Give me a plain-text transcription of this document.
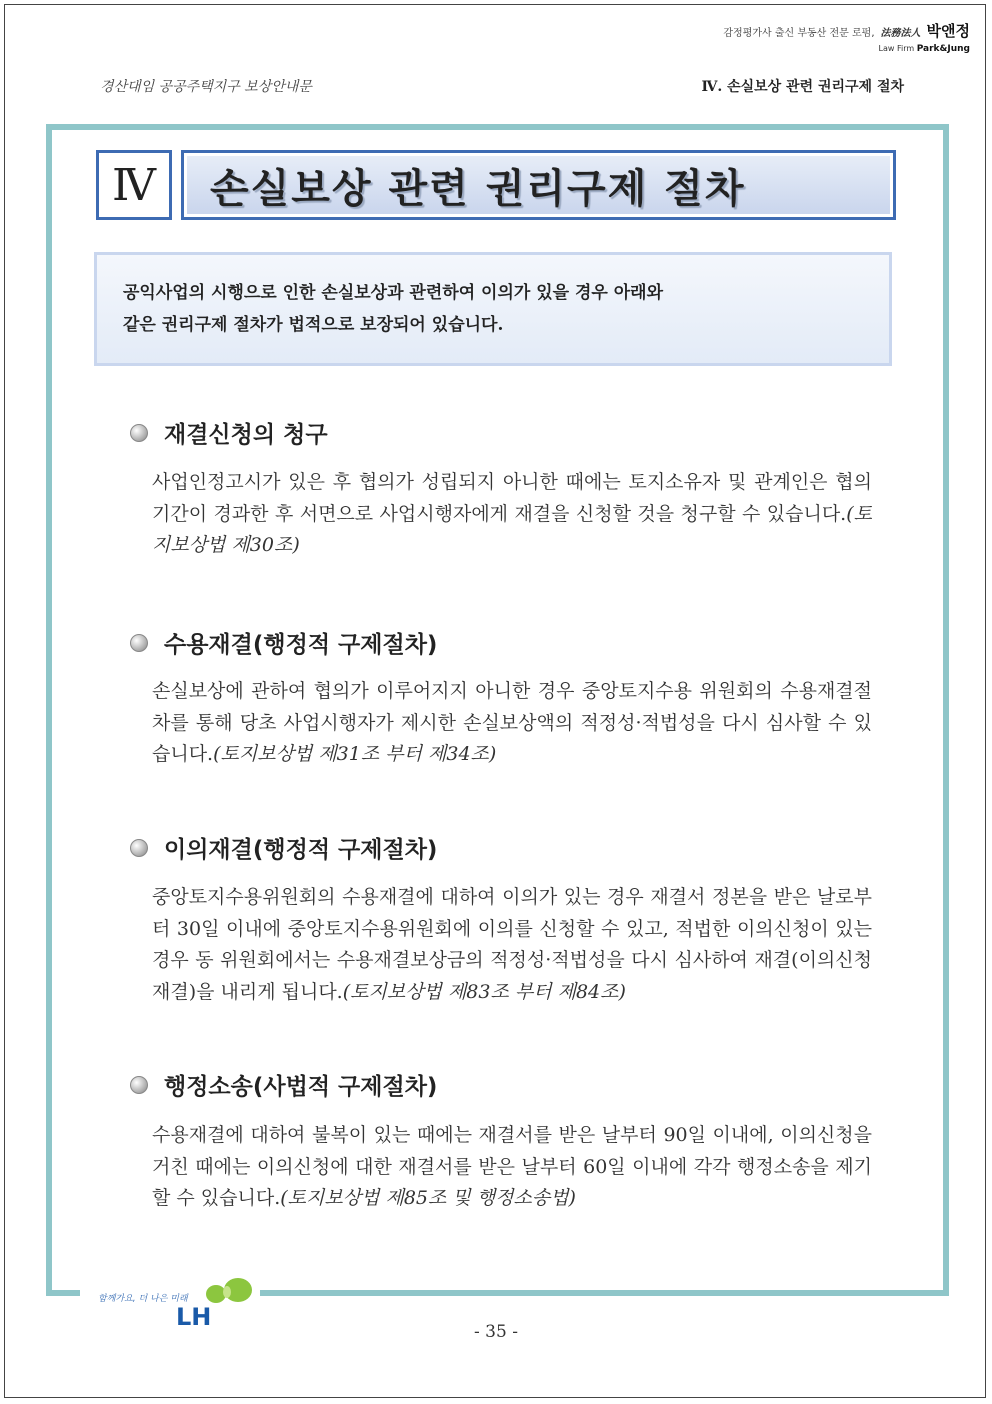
감정평가사 출신 부동산 전문 로펌, 法務法人 박앤정
Law Firm Park&Jung
경산대임 공공주택지구 보상안내문	Ⅳ. 손실보상 관련 권리구제 절차
Ⅳ	손실보상 관련 권리구제 절차
공익사업의 시행으로 인한 손실보상과 관련하여 이의가 있을 경우 아래와
같은 권리구제 절차가 법적으로 보장되어 있습니다.
재결신청의 청구
사업인정고시가 있은 후 협의가 성립되지 아니한 때에는 토지소유자 및 관계인은 협의기간이 경과한 후 서면으로 사업시행자에게 재결을 신청할 것을 청구할 수 있습니다.(토지보상법 제30조)
수용재결(행정적 구제절차)
손실보상에 관하여 협의가 이루어지지 아니한 경우 중앙토지수용 위원회의 수용재결절차를 통해 당초 사업시행자가 제시한 손실보상액의 적정성·적법성을 다시 심사할 수 있습니다.(토지보상법 제31조 부터 제34조)
이의재결(행정적 구제절차)
중앙토지수용위원회의 수용재결에 대하여 이의가 있는 경우 재결서 정본을 받은 날로부터 30일 이내에 중앙토지수용위원회에 이의를 신청할 수 있고, 적법한 이의신청이 있는 경우 동 위원회에서는 수용재결보상금의 적정성·적법성을 다시 심사하여 재결(이의신청재결)을 내리게 됩니다.(토지보상법 제83조 부터 제84조)
행정소송(사법적 구제절차)
수용재결에 대하여 불복이 있는 때에는 재결서를 받은 날부터 90일 이내에, 이의신청을 거친 때에는 이의신청에 대한 재결서를 받은 날부터 60일 이내에 각각 행정소송을 제기할 수 있습니다.(토지보상법 제85조 및 행정소송법)
함께가요, 더 나은 미래
LH
- 35 -
